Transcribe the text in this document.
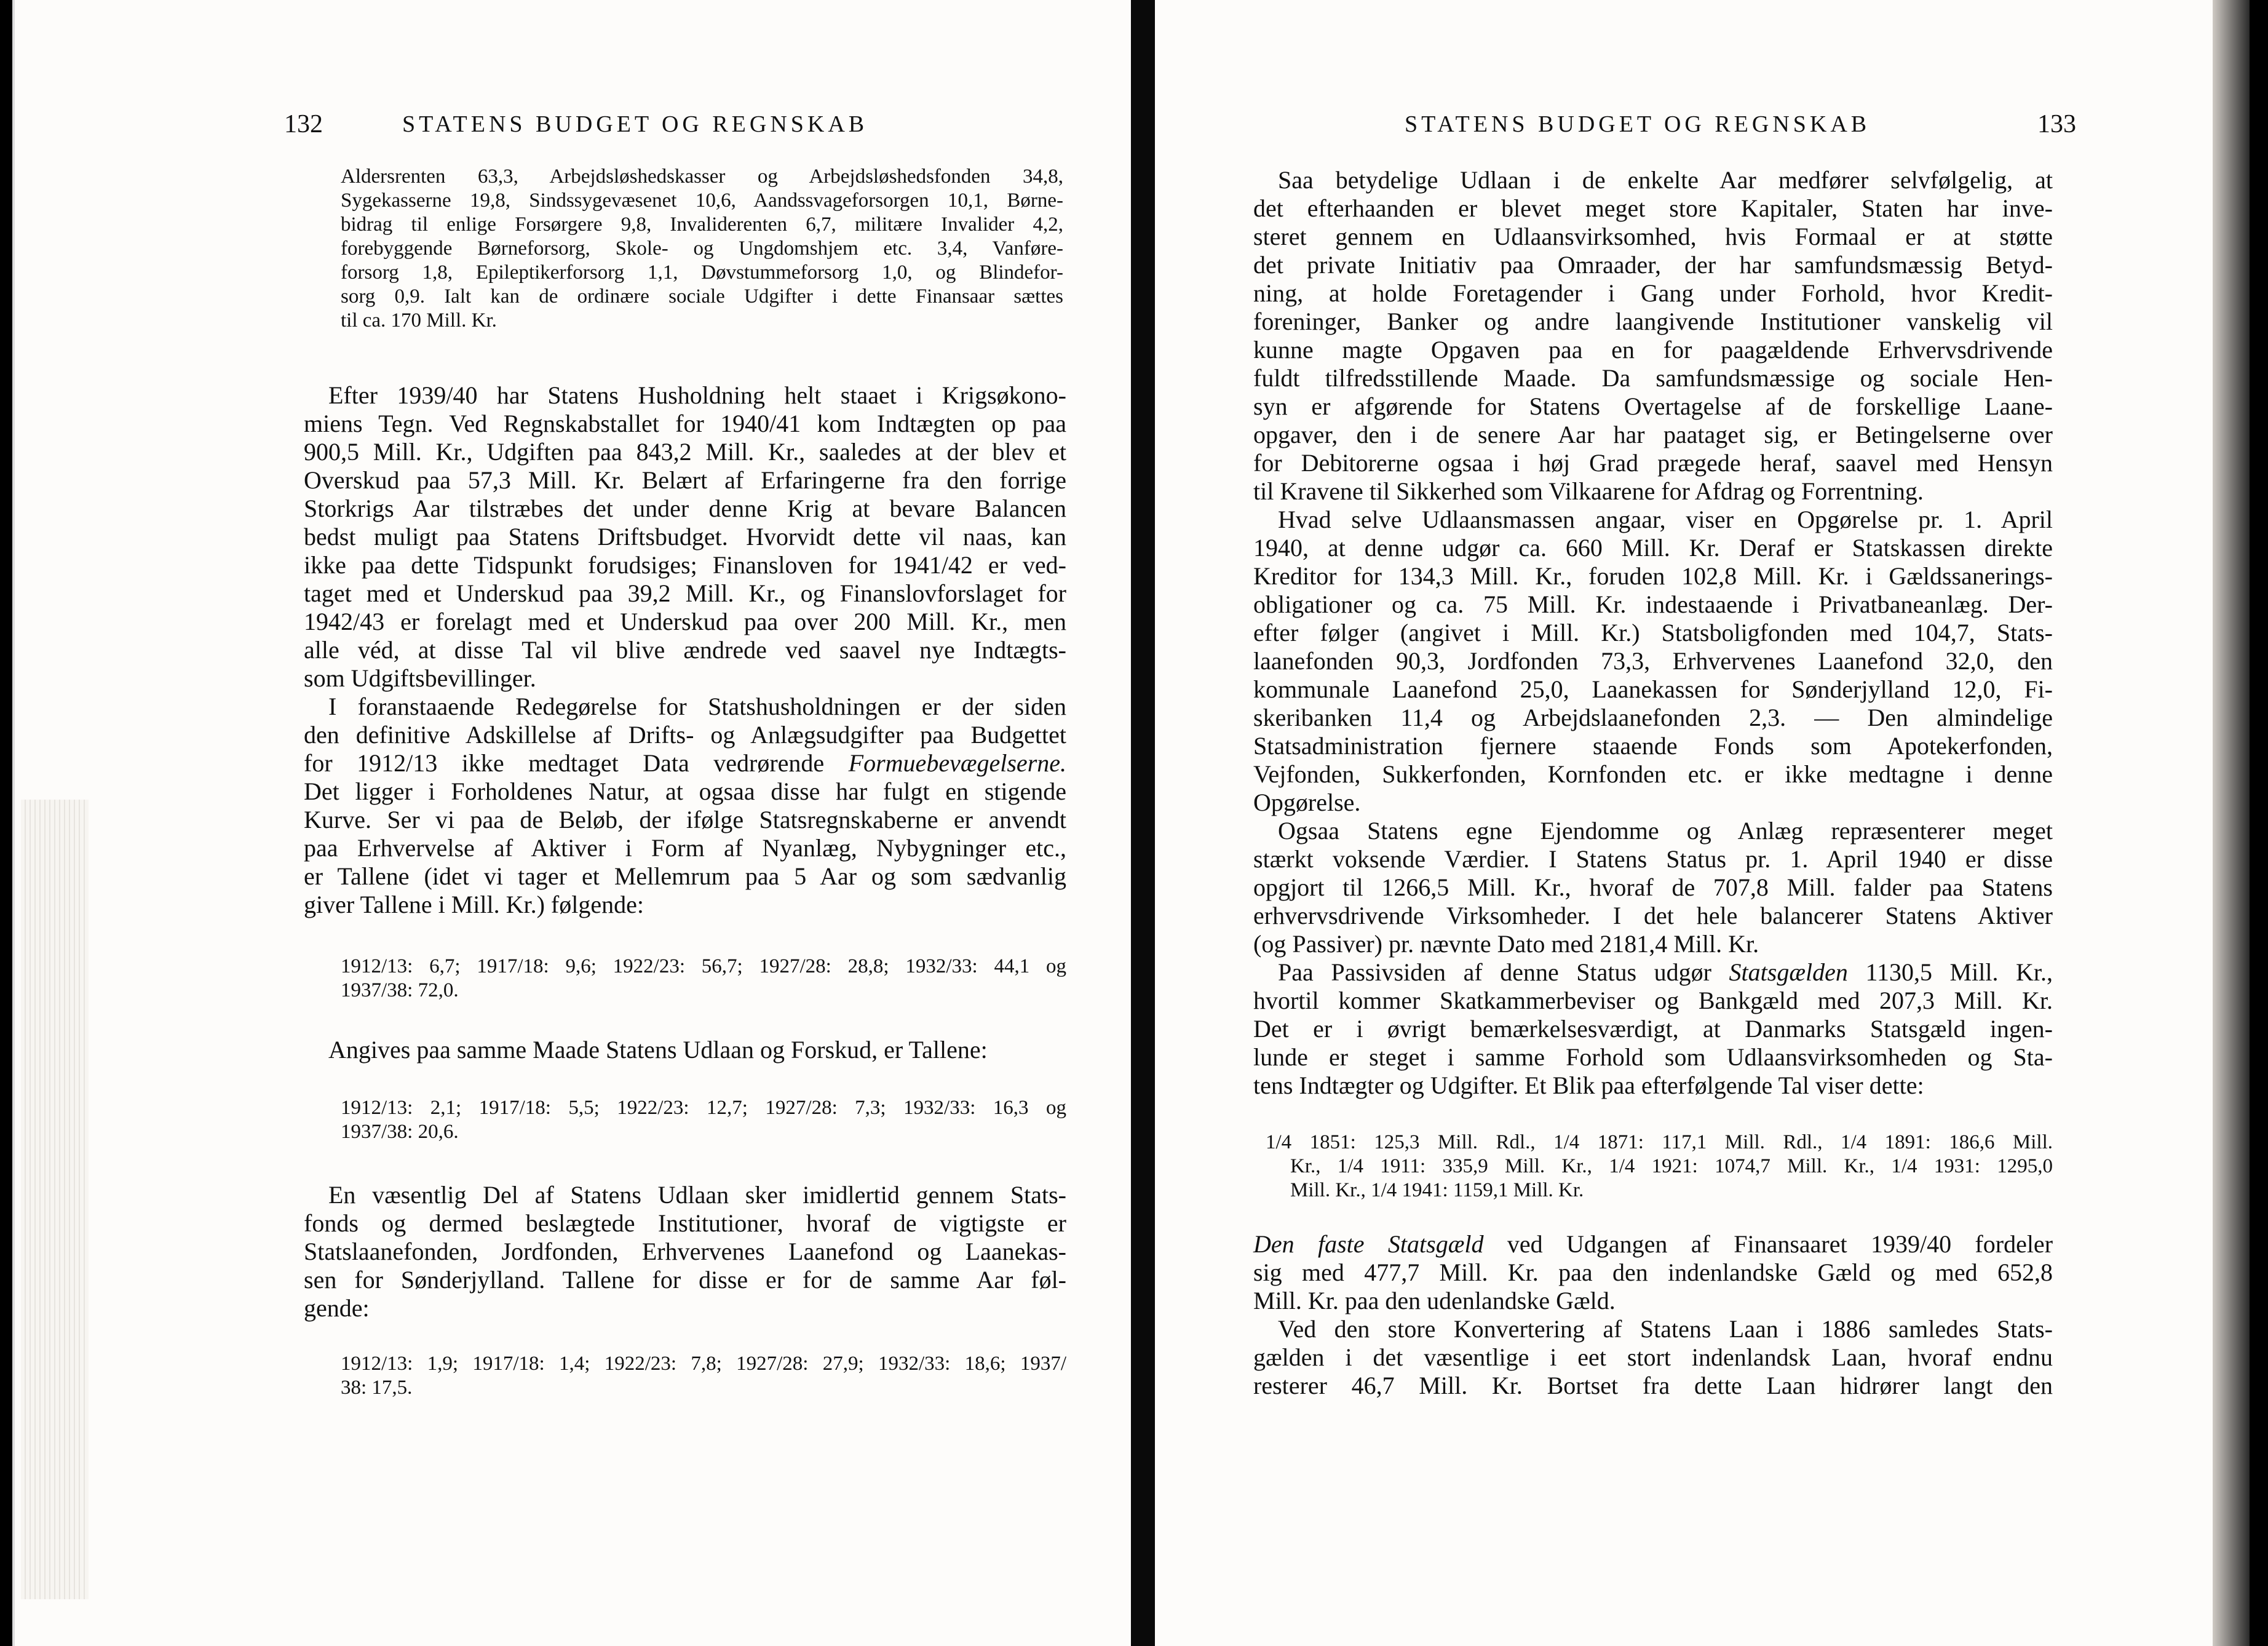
132	STATENS BUDGET OG REGNSKAB

Aldersrenten 63,3, Arbejdsløshedskasser og Arbejdsløshedsfonden 34,8,

Sygekasserne 19,8, Sindssygevæsenet 10,6, Aandssvageforsorgen 10,1, Børne-

bidrag til enlige Forsørgere 9,8, Invaliderenten 6,7, militære Invalider 4,2,

forebyggende Børneforsorg, Skole- og Ungdomshjem etc. 3,4, Vanføre-

forsorg 1,8, Epileptikerforsorg 1,1, Døvstummeforsorg 1,0, og Blindefor-

sorg 0,9. Ialt kan de ordinære sociale Udgifter i dette Finansaar sættes

til ca. 170 Mill. Kr.

Efter 1939/40 har Statens Husholdning helt staaet i Krigsøkono-

miens Tegn. Ved Regnskabstallet for 1940/41 kom Indtægten op paa

900,5 Mill. Kr., Udgiften paa 843,2 Mill. Kr., saaledes at der blev et

Overskud paa 57,3 Mill. Kr. Belært af Erfaringerne fra den forrige

Storkrigs Aar tilstræbes det under denne Krig at bevare Balancen

bedst muligt paa Statens Driftsbudget. Hvorvidt dette vil naas, kan

ikke paa dette Tidspunkt forudsiges; Finansloven for 1941/42 er ved-

taget med et Underskud paa 39,2 Mill. Kr., og Finanslovforslaget for

1942/43 er forelagt med et Underskud paa over 200 Mill. Kr., men

alle véd, at disse Tal vil blive ændrede ved saavel nye Indtægts-

som Udgiftsbevillinger.

I foranstaaende Redegørelse for Statshusholdningen er der siden

den definitive Adskillelse af Drifts- og Anlægsudgifter paa Budgettet

for 1912/13 ikke medtaget Data vedrørende Formuebevægelserne.

Det ligger i Forholdenes Natur, at ogsaa disse har fulgt en stigende

Kurve. Ser vi paa de Beløb, der ifølge Statsregnskaberne er anvendt

paa Erhvervelse af Aktiver i Form af Nyanlæg, Nybygninger etc.,

er Tallene (idet vi tager et Mellemrum paa 5 Aar og som sædvanlig

giver Tallene i Mill. Kr.) følgende:

1912/13: 6,7; 1917/18: 9,6; 1922/23: 56,7; 1927/28: 28,8; 1932/33: 44,1 og

1937/38: 72,0.

Angives paa samme Maade Statens Udlaan og Forskud, er Tallene:

1912/13: 2,1; 1917/18: 5,5; 1922/23: 12,7; 1927/28: 7,3; 1932/33: 16,3 og

1937/38: 20,6.

En væsentlig Del af Statens Udlaan sker imidlertid gennem Stats-

fonds og dermed beslægtede Institutioner, hvoraf de vigtigste er

Statslaanefonden, Jordfonden, Erhvervenes Laanefond og Laanekas-

sen for Sønderjylland. Tallene for disse er for de samme Aar føl-

gende:

1912/13: 1,9; 1917/18: 1,4; 1922/23: 7,8; 1927/28: 27,9; 1932/33: 18,6; 1937/

38: 17,5.

STATENS BUDGET OG REGNSKAB	133

Saa betydelige Udlaan i de enkelte Aar medfører selvfølgelig, at

det efterhaanden er blevet meget store Kapitaler, Staten har inve-

steret gennem en Udlaansvirksomhed, hvis Formaal er at støtte

det private Initiativ paa Omraader, der har samfundsmæssig Betyd-

ning, at holde Foretagender i Gang under Forhold, hvor Kredit-

foreninger, Banker og andre laangivende Institutioner vanskelig vil

kunne magte Opgaven paa en for paagældende Erhvervsdrivende

fuldt tilfredsstillende Maade. Da samfundsmæssige og sociale Hen-

syn er afgørende for Statens Overtagelse af de forskellige Laane-

opgaver, den i de senere Aar har paataget sig, er Betingelserne over

for Debitorerne ogsaa i høj Grad prægede heraf, saavel med Hensyn

til Kravene til Sikkerhed som Vilkaarene for Afdrag og Forrentning.

Hvad selve Udlaansmassen angaar, viser en Opgørelse pr. 1. April

1940, at denne udgør ca. 660 Mill. Kr. Deraf er Statskassen direkte

Kreditor for 134,3 Mill. Kr., foruden 102,8 Mill. Kr. i Gældssanerings-

obligationer og ca. 75 Mill. Kr. indestaaende i Privatbaneanlæg. Der-

efter følger (angivet i Mill. Kr.) Statsboligfonden med 104,7, Stats-

laanefonden 90,3, Jordfonden 73,3, Erhvervenes Laanefond 32,0, den

kommunale Laanefond 25,0, Laanekassen for Sønderjylland 12,0, Fi-

skeribanken 11,4 og Arbejdslaanefonden 2,3. — Den almindelige

Statsadministration fjernere staaende Fonds som Apotekerfonden,

Vejfonden, Sukkerfonden, Kornfonden etc. er ikke medtagne i denne

Opgørelse.

Ogsaa Statens egne Ejendomme og Anlæg repræsenterer meget

stærkt voksende Værdier. I Statens Status pr. 1. April 1940 er disse

opgjort til 1266,5 Mill. Kr., hvoraf de 707,8 Mill. falder paa Statens

erhvervsdrivende Virksomheder. I det hele balancerer Statens Aktiver

(og Passiver) pr. nævnte Dato med 2181,4 Mill. Kr.

Paa Passivsiden af denne Status udgør Statsgælden 1130,5 Mill. Kr.,

hvortil kommer Skatkammerbeviser og Bankgæld med 207,3 Mill. Kr.

Det er i øvrigt bemærkelsesværdigt, at Danmarks Statsgæld ingen-

lunde er steget i samme Forhold som Udlaansvirksomheden og Sta-

tens Indtægter og Udgifter. Et Blik paa efterfølgende Tal viser dette:

1/4 1851: 125,3 Mill. Rdl., 1/4 1871: 117,1 Mill. Rdl., 1/4 1891: 186,6 Mill.

Kr., 1/4 1911: 335,9 Mill. Kr., 1/4 1921: 1074,7 Mill. Kr., 1/4 1931: 1295,0

Mill. Kr., 1/4 1941: 1159,1 Mill. Kr.

Den faste Statsgæld ved Udgangen af Finansaaret 1939/40 fordeler

sig med 477,7 Mill. Kr. paa den indenlandske Gæld og med 652,8

Mill. Kr. paa den udenlandske Gæld.

Ved den store Konvertering af Statens Laan i 1886 samledes Stats-

gælden i det væsentlige i eet stort indenlandsk Laan, hvoraf endnu

resterer 46,7 Mill. Kr. Bortset fra dette Laan hidrører langt den
